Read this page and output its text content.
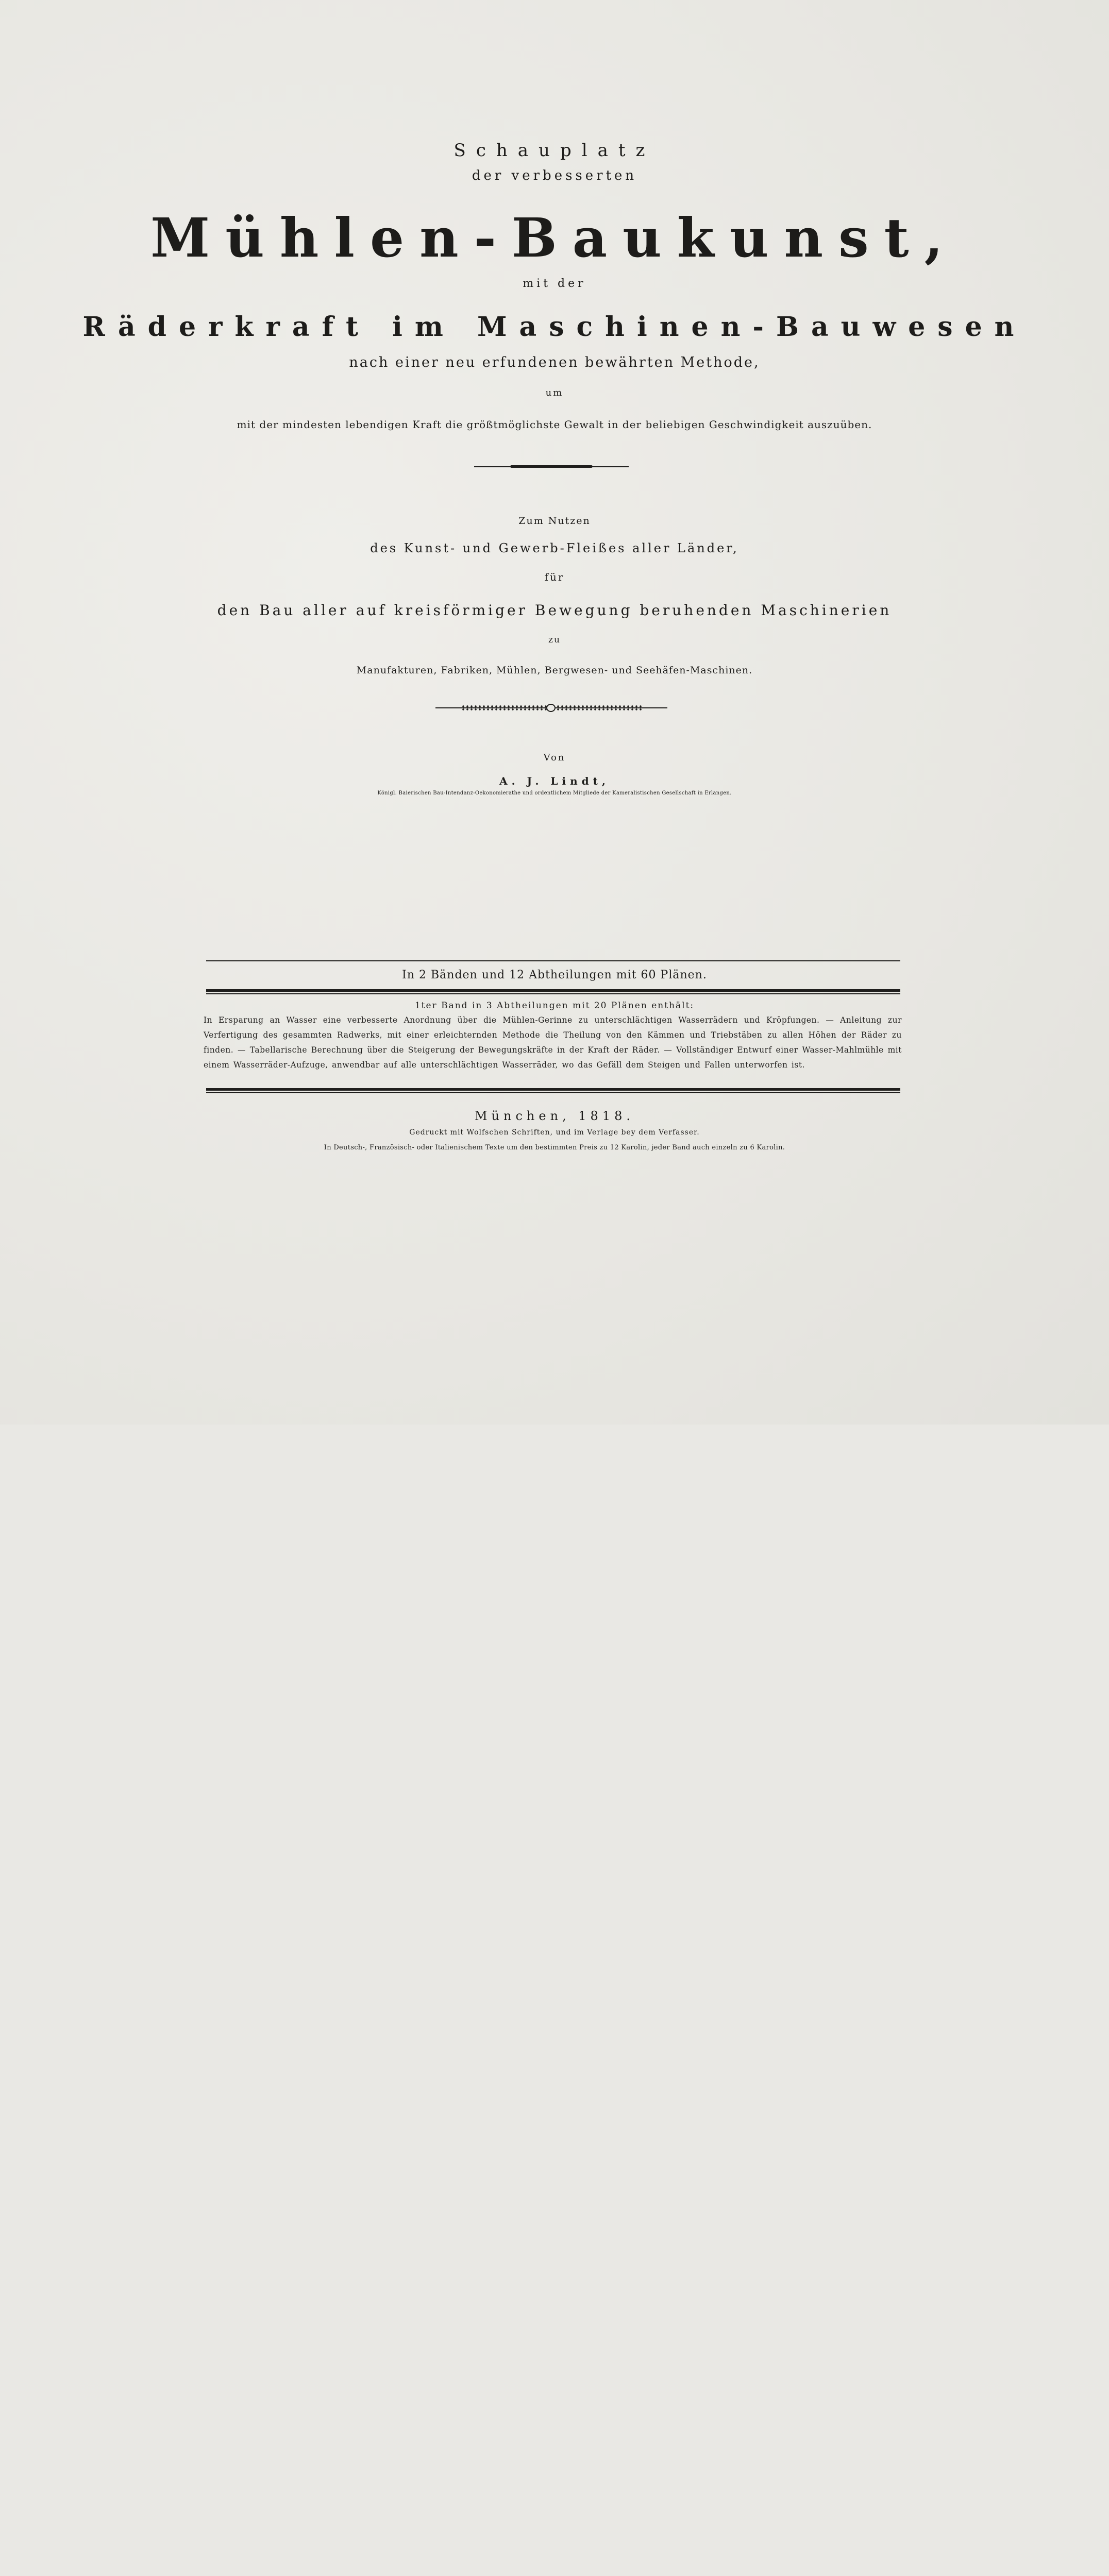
Schauplatz
der verbesserten
Mühlen-Baukunst,
mit der
Räderkraft im Maschinen-Bauwesen
nach einer neu erfundenen bewährten Methode,
um
mit der mindesten lebendigen Kraft die größtmöglichste Gewalt in der beliebigen Geschwindigkeit auszuüben.
Zum Nutzen
des Kunst- und Gewerb-Fleißes aller Länder,
für
den Bau aller auf kreisförmiger Bewegung beruhenden Maschinerien
zu
Manufakturen, Fabriken, Mühlen, Bergwesen- und Seehäfen-Maschinen.
Von
A. J. Lindt,
Königl. Baierischen Bau-Intendanz-Oekonomierathe und ordentlichem Mitgliede der Kameralistischen Gesellschaft in Erlangen.
In 2 Bänden und 12 Abtheilungen mit 60 Plänen.
1ter Band in 3 Abtheilungen mit 20 Plänen enthält:
In Ersparung an Wasser eine verbesserte Anordnung über die Mühlen-Gerinne zu unterschlächtigen Wasserrädern und Kröpfungen. — Anleitung zur Verfertigung des gesammten Radwerks, mit einer erleichternden Methode die Theilung von den Kämmen und Triebstäben zu allen Höhen der Räder zu finden. — Tabellarische Berechnung über die Steigerung der Bewegungskräfte in der Kraft der Räder. — Vollständiger Entwurf einer Wasser-Mahlmühle mit einem Wasserräder-Aufzuge, anwendbar auf alle unterschlächtigen Wasserräder, wo das Gefäll dem Steigen und Fallen unterworfen ist.
München, 1818.
Gedruckt mit Wolfschen Schriften, und im Verlage bey dem Verfasser.
In Deutsch-, Französisch- oder Italienischem Texte um den bestimmten Preis zu 12 Karolin, jeder Band auch einzeln zu 6 Karolin.
